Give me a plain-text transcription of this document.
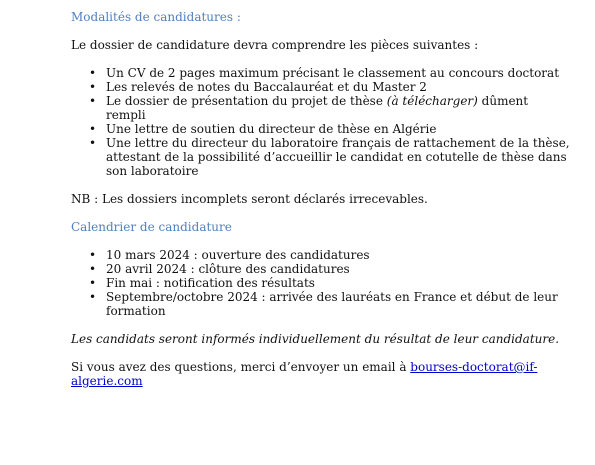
Modalités de candidatures :

Le dossier de candidature devra comprendre les pièces suivantes :

• Un CV de 2 pages maximum précisant le classement au concours doctorat
• Les relevés de notes du Baccalauréat et du Master 2
• Le dossier de présentation du projet de thèse (à télécharger) dûment rempli
• Une lettre de soutien du directeur de thèse en Algérie
• Une lettre du directeur du laboratoire français de rattachement de la thèse, attestant de la possibilité d’accueillir le candidat en cotutelle de thèse dans son laboratoire

NB : Les dossiers incomplets seront déclarés irrecevables.

Calendrier de candidature

• 10 mars 2024 : ouverture des candidatures
• 20 avril 2024 : clôture des candidatures
• Fin mai : notification des résultats
• Septembre/octobre 2024 : arrivée des lauréats en France et début de leur formation

Les candidats seront informés individuellement du résultat de leur candidature.

Si vous avez des questions, merci d’envoyer un email à bourses-doctorat@if-algerie.com
